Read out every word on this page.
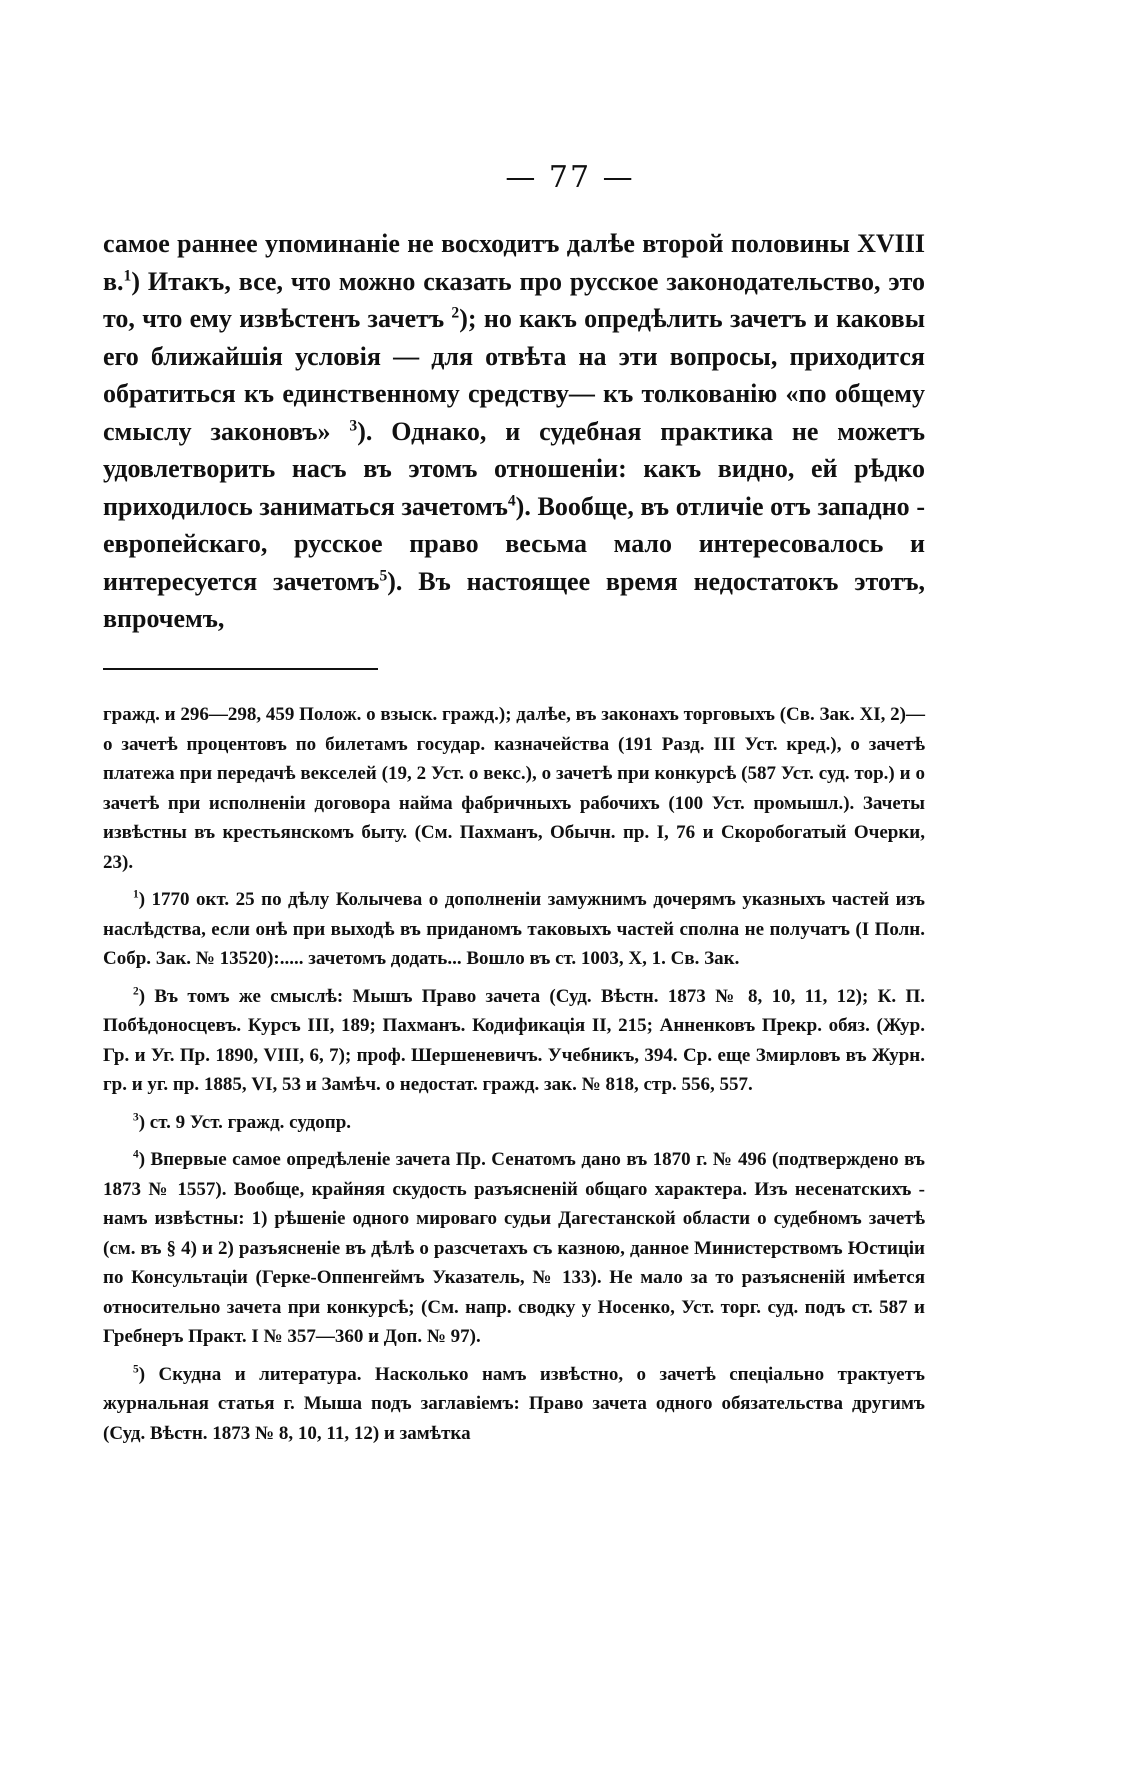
— 77 —
самое раннее упоминаніе не восходитъ далѣе второй половины XVIII в.$^1$) Итакъ, все, что можно сказать про русское законодательство, это то, что ему извѣстенъ зачетъ $^2$); но какъ опредѣлить зачетъ и каковы его ближайшія условія — для отвѣта на эти вопросы, приходится обратиться къ единственному средству— къ толкованію «по общему смыслу законовъ» $^3$). Однако, и судебная практика не можетъ удовлетворить насъ въ этомъ отношеніи: какъ видно, ей рѣдко приходилось заниматься зачетомъ$^4$). Вообще, въ отличіе отъ западно - европейскаго, русское право весьма мало интересовалось и интересуется зачетомъ$^5$). Въ настоящее время недостатокъ этотъ, впрочемъ,

гражд. и 296—298, 459 Полож. о взыск. гражд.); далѣе, въ законахъ торговыхъ (Св. Зак. XI, 2)—о зачетѣ процентовъ по билетамъ государ. казначейства (191 Разд. III Уст. кред.), о зачетѣ платежа при передачѣ векселей (19, 2 Уст. о векс.), о зачетѣ при конкурсѣ (587 Уст. суд. тор.) и о зачетѣ при исполненіи договора найма фабричныхъ рабочихъ (100 Уст. промышл.). Зачеты извѣстны въ крестьянскомъ быту. (См. Пахманъ, Обычн. пр. I, 76 и Скоробогатый Очерки, 23).

$^1$) 1770 окт. 25 по дѣлу Колычева о дополненіи замужнимъ дочерямъ указныхъ частей изъ наслѣдства, если онѣ при выходѣ въ приданомъ таковыхъ частей сполна не получатъ (I Полн. Собр. Зак. № 13520):..... зачетомъ додать... Вошло въ ст. 1003, X, 1. Св. Зак.

$^2$) Въ томъ же смыслѣ: Мышъ Право зачета (Суд. Вѣстн. 1873 № 8, 10, 11, 12); К. П. Побѣдоносцевъ. Курсъ III, 189; Пахманъ. Кодификація II, 215; Анненковъ Прекр. обяз. (Жур. Гр. и Уг. Пр. 1890, VIII, 6, 7); проф. Шершеневичъ. Учебникъ, 394. Ср. еще Змирловъ въ Журн. гр. и уг. пр. 1885, VI, 53 и Замѣч. о недостат. гражд. зак. № 818, стр. 556, 557.

$^3$) ст. 9 Уст. гражд. судопр.

$^4$) Впервые самое опредѣленіе зачета Пр. Сенатомъ дано въ 1870 г. № 496 (подтверждено въ 1873 № 1557). Вообще, крайняя скудость разъясненій общаго характера. Изъ несенатскихъ - намъ извѣстны: 1) рѣшеніе одного мироваго судьи Дагестанской области о судебномъ зачетѣ (см. въ § 4) и 2) разъясненіе въ дѣлѣ о разсчетахъ съ казною, данное Министерствомъ Юстиціи по Консультаціи (Герке-Оппенгеймъ Указатель, № 133). Не мало за то разъясненій имѣется относительно зачета при конкурсѣ; (См. напр. сводку у Носенко, Уст. торг. суд. подъ ст. 587 и Гребнеръ Практ. I № 357—360 и Доп. № 97).

$^5$) Скудна и литература. Насколько намъ извѣстно, о зачетѣ спеціально трактуетъ журнальная статья г. Мыша подъ заглавіемъ: Право зачета одного обязательства другимъ (Суд. Вѣстн. 1873 № 8, 10, 11, 12) и замѣтка
